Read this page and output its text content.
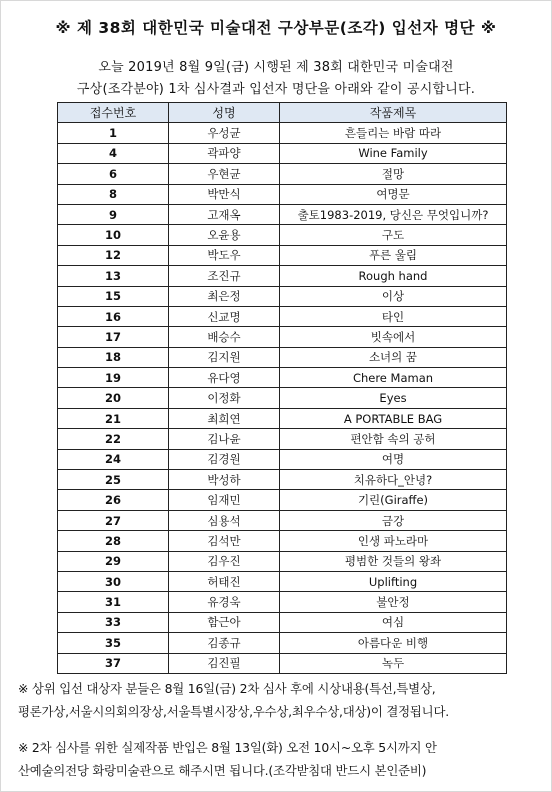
※ 제 38회 대한민국 미술대전 구상부문(조각) 입선자 명단 ※
오늘 2019년 8월 9일(금) 시행된 제 38회 대한민국 미술대전
구상(조각분야) 1차 심사결과 입선자 명단을 아래와 같이 공시합니다.
접수번호	성명	작품제목
1	우성균	흔들리는 바람 따라
4	곽파양	Wine Family
6	우현균	절망
8	박만식	여명문
9	고재옥	출토1983-2019, 당신은 무엇입니까?
10	오윤용	구도
12	박도우	푸른 울림
13	조진규	Rough hand
15	최은정	이상
16	신교명	타인
17	배승수	빗속에서
18	김지원	소녀의 꿈
19	유다영	Chere Maman
20	이정화	Eyes
21	최희연	A PORTABLE BAG
22	김나윤	편안함 속의 공허
24	김경원	여명
25	박성하	치유하다_안녕?
26	임재민	기린(Giraffe)
27	심용석	금강
28	김석만	인생 파노라마
29	김우진	평범한 것들의 왕좌
30	허태진	Uplifting
31	유경욱	불안정
33	함근아	여심
35	김종규	아름다운 비행
37	김진필	녹두
※ 상위 입선 대상자 분들은 8월 16일(금) 2차 심사 후에 시상내용(특선,특별상,
평론가상,서울시의회의장상,서울특별시장상,우수상,최우수상,대상)이 결정됩니다.
※ 2차 심사를 위한 실제작품 반입은 8월 13일(화) 오전 10시~오후 5시까지 안
산예술의전당 화랑미술관으로 해주시면 됩니다.(조각받침대 반드시 본인준비)
